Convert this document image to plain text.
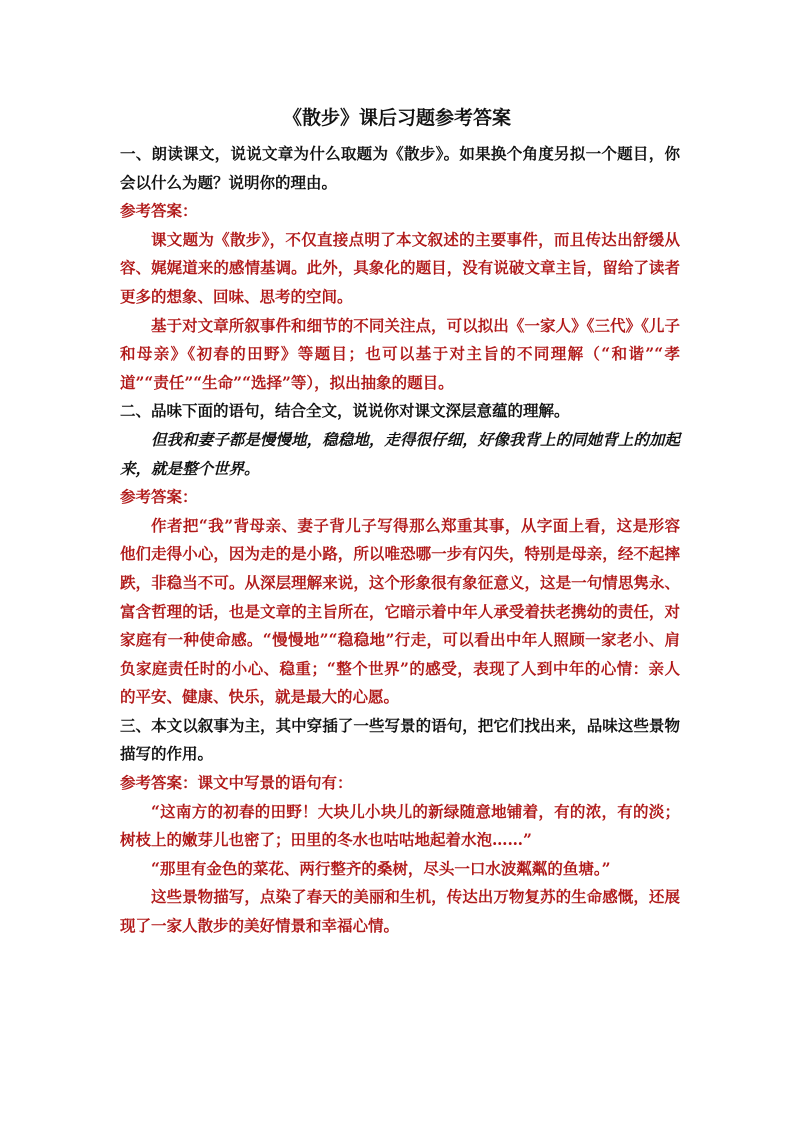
《散步》课后习题参考答案

一、朗读课文，说说文章为什么取题为《散步》。如果换个角度另拟一个题目，你会以什么为题？说明你的理由。

参考答案：

课文题为《散步》，不仅直接点明了本文叙述的主要事件，而且传达出舒缓从容、娓娓道来的感情基调。此外，具象化的题目，没有说破文章主旨，留给了读者更多的想象、回味、思考的空间。

基于对文章所叙事件和细节的不同关注点，可以拟出《一家人》《三代》《儿子和母亲》《初春的田野》等题目；也可以基于对主旨的不同理解（“和谐”“孝道”“责任”“生命”“选择”等），拟出抽象的题目。

二、品味下面的语句，结合全文，说说你对课文深层意蕴的理解。

但我和妻子都是慢慢地，稳稳地，走得很仔细，好像我背上的同她背上的加起来，就是整个世界。

参考答案：

作者把“我”背母亲、妻子背儿子写得那么郑重其事，从字面上看，这是形容他们走得小心，因为走的是小路，所以唯恐哪一步有闪失，特别是母亲，经不起摔跌，非稳当不可。从深层理解来说，这个形象很有象征意义，这是一句情思隽永、富含哲理的话，也是文章的主旨所在，它暗示着中年人承受着扶老携幼的责任，对家庭有一种使命感。“慢慢地”“稳稳地”行走，可以看出中年人照顾一家老小、肩负家庭责任时的小心、稳重；“整个世界”的感受，表现了人到中年的心情：亲人的平安、健康、快乐，就是最大的心愿。

三、本文以叙事为主，其中穿插了一些写景的语句，把它们找出来，品味这些景物描写的作用。

参考答案：课文中写景的语句有：

“这南方的初春的田野！大块儿小块儿的新绿随意地铺着，有的浓，有的淡；树枝上的嫩芽儿也密了；田里的冬水也咕咕地起着水泡……”

“那里有金色的菜花、两行整齐的桑树，尽头一口水波粼粼的鱼塘。”

这些景物描写，点染了春天的美丽和生机，传达出万物复苏的生命感慨，还展现了一家人散步的美好情景和幸福心情。
